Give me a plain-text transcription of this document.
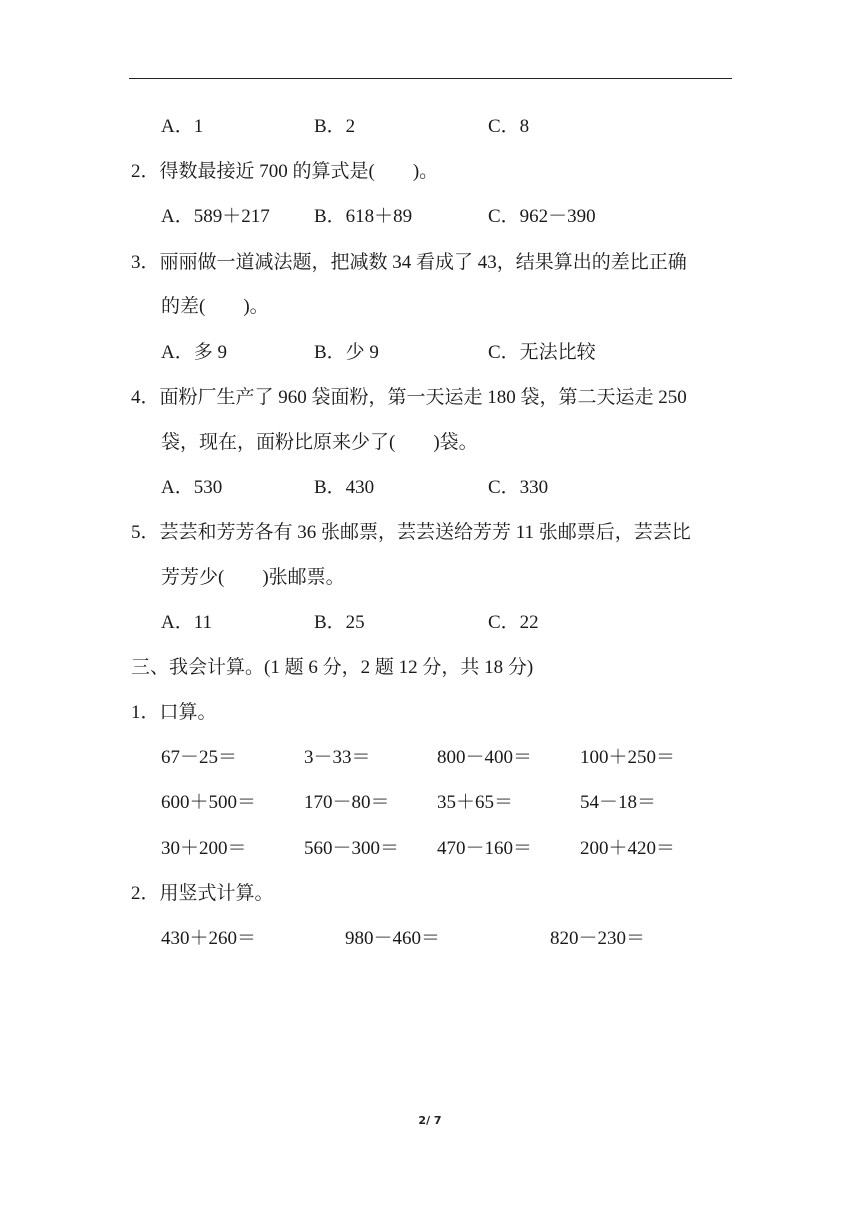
A．1	B．2	C．8
2．得数最接近 700 的算式是(　　)。
A．589＋217 B．618＋89	C．962－390
3．丽丽做一道减法题，把减数 34 看成了 43，结果算出的差比正确
的差(　　)。
A．多 9	B．少 9	C．无法比较
4．面粉厂生产了 960 袋面粉，第一天运走 180 袋，第二天运走 250
袋，现在，面粉比原来少了(　　)袋。
A．530	B．430	C．330
5．芸芸和芳芳各有 36 张邮票，芸芸送给芳芳 11 张邮票后，芸芸比
芳芳少(　　)张邮票。
A．11	B．25	C．22
三、我会计算。(1 题 6 分，2 题 12 分，共 18 分)
1．口算。
67－25＝	3－33＝	800－400＝	100＋250＝
600＋500＝	170－80＝ 35＋65＝	54－18＝
30＋200＝	560－300＝ 470－160＝	200＋420＝
2．用竖式计算。
430＋260＝	980－460＝	820－230＝
2/ 7
